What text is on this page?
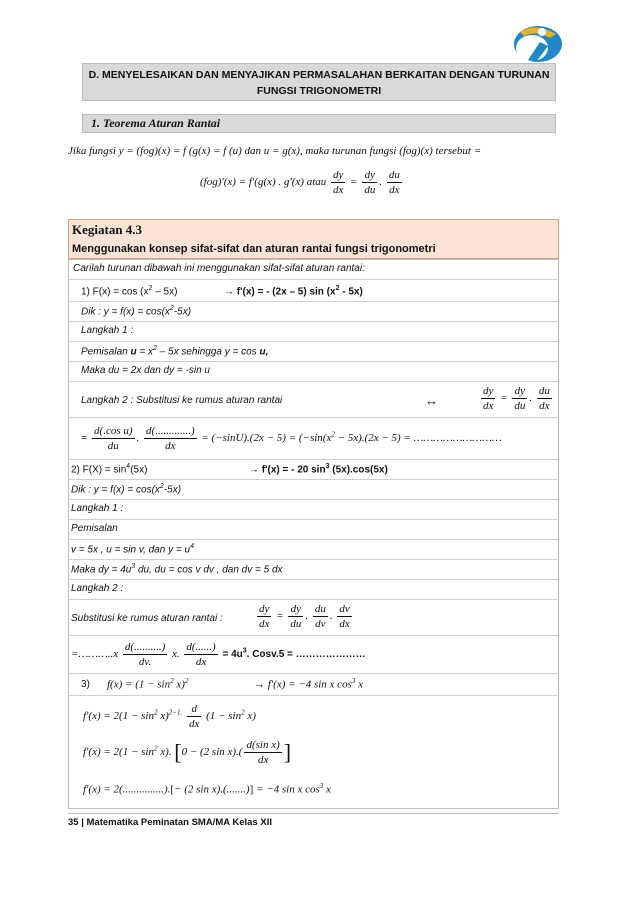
D. MENYELESAIKAN DAN MENYAJIKAN PERMASALAHAN BERKAITAN DENGAN TURUNAN
FUNGSI TRIGONOMETRI
1. Teorema Aturan Rantai
Jika fungsi y = (fog)(x) = f (g(x) = f (u) dan u = g(x), maka turunan fungsi (fog)(x) tersebut =
(fog)'(x) = f'(g(x) . g'(x) atau $\frac{dy}{dx} = \frac{dy}{du}$ . $\frac{du}{dx}$
Kegiatan 4.3
Menggunakan konsep sifat-sifat dan aturan rantai fungsi trigonometri
Carilah turunan dibawah ini menggunakan sifat-sifat aturan rantai:
1) $F(x) = \cos (x^2 - 5x)$	→ f'(x) = - (2x – 5) $\sin (x^2 - 5x)$
Dik : $y = f(x) = \cos(x^2-5x)$
Langkah 1 :
Pemisalan $u = x^2 - 5x$ sehingga y = cos u,
Maka du = 2x dan dy = -sin u
Langkah 2 : Substitusi ke rumus aturan rantai	↔	$\frac{dy}{dx} = \frac{dy}{du}$ . $\frac{du}{dx}$
= $\frac{\text{d(.cos u)}}{du}$ . $\frac{d(.............)}{dx} = (-\sin U).(2x - 5) = (-\sin(x^2 - 5x).(2x - 5)$ = ………………………
2) $F(X) = \sin^4(5x)$	→ f'(x) = - 20 $\sin^3 (5x).\cos(5x)$
Dik : $y = f(x) = \cos(x^2-5x)$
Langkah 1 :
Pemisalan
v = 5x , u = sin v, dan $y = u^4$
Maka dy = $4u^3$ du, du = cos v dv , dan dv = 5 dx
Langkah 2 :
Substitusi ke rumus aturan rantai :	$\frac{dy}{dx} = \frac{dy}{du}$ . $\frac{du}{dv}$ . $\frac{dv}{dx}$
=………..x $\frac{d(..........)}{dv.} x$. $\frac{d(......)}{dx} = 4u^3$. Cosv.5 = …………………
3) $f(x) = (1 - \sin^2 x)^2$	→ f'(x) = −4 sin x $\cos^3 x$
$f'(x) = 2(1 - \sin^2 x)^{2-1.} \frac{d}{dx} (1 - \sin^2 x)$
$f'(x) = 2(1 - \sin^2 x)$. [0 − (2 $\sin x).( \frac{\text{d(sin x)}}{dx}$ ]
f'(x) = 2(...............).[− (2 sin x).(.......)] = −4 sin x $\cos^3 x$
35 | Matematika Peminatan SMA/MA Kelas XII
